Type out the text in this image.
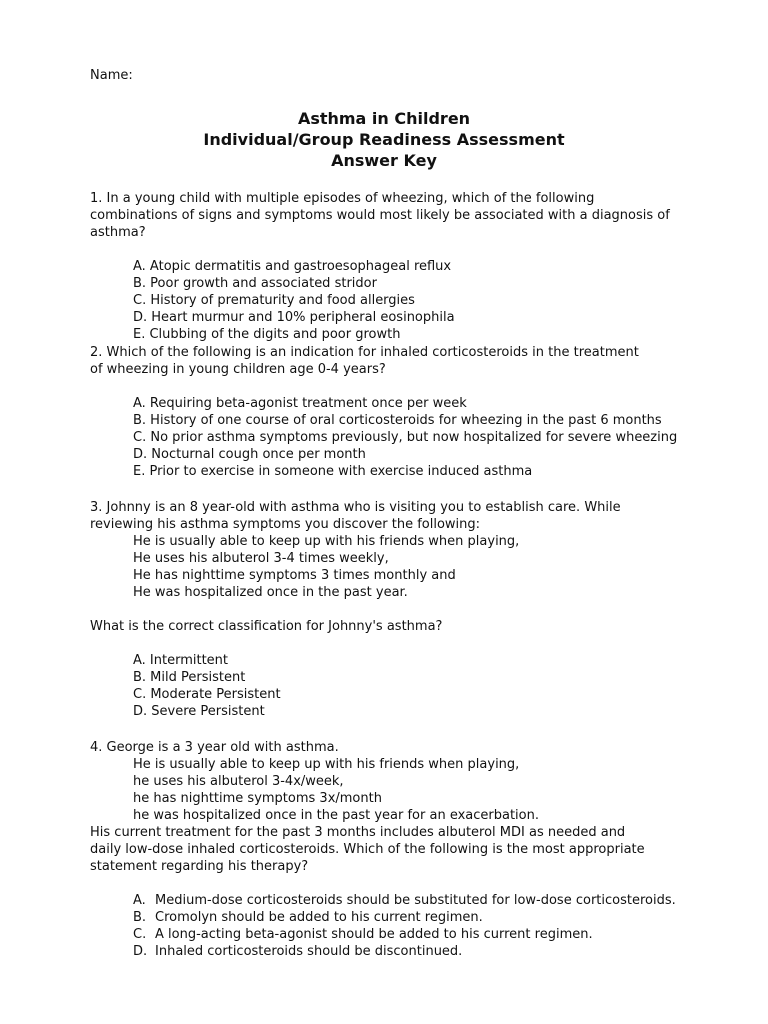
Name:
Asthma in Children
Individual/Group Readiness Assessment
Answer Key

1. In a young child with multiple episodes of wheezing, which of the following combinations of signs and symptoms would most likely be associated with a diagnosis of asthma?

A. Atopic dermatitis and gastroesophageal reflux
B. Poor growth and associated stridor
C. History of prematurity and food allergies
D. Heart murmur and 10% peripheral eosinophila
E. Clubbing of the digits and poor growth

2. Which of the following is an indication for inhaled corticosteroids in the treatment of wheezing in young children age 0-4 years?

A. Requiring beta-agonist treatment once per week
B. History of one course of oral corticosteroids for wheezing in the past 6 months
C. No prior asthma symptoms previously, but now hospitalized for severe wheezing
D. Nocturnal cough once per month
E. Prior to exercise in someone with exercise induced asthma

3. Johnny is an 8 year-old with asthma who is visiting you to establish care. While reviewing his asthma symptoms you discover the following:

He is usually able to keep up with his friends when playing,
He uses his albuterol 3-4 times weekly,
He has nighttime symptoms 3 times monthly and
He was hospitalized once in the past year.

What is the correct classification for Johnny's asthma?

A. Intermittent
B. Mild Persistent
C. Moderate Persistent
D. Severe Persistent

4. George is a 3 year old with asthma.

He is usually able to keep up with his friends when playing,
he uses his albuterol 3-4x/week,
he has nighttime symptoms 3x/month
he was hospitalized once in the past year for an exacerbation.

His current treatment for the past 3 months includes albuterol MDI as needed and daily low-dose inhaled corticosteroids. Which of the following is the most appropriate statement regarding his therapy?

A. Medium-dose corticosteroids should be substituted for low-dose corticosteroids.
B. Cromolyn should be added to his current regimen.
C. A long-acting beta-agonist should be added to his current regimen.
D. Inhaled corticosteroids should be discontinued.
